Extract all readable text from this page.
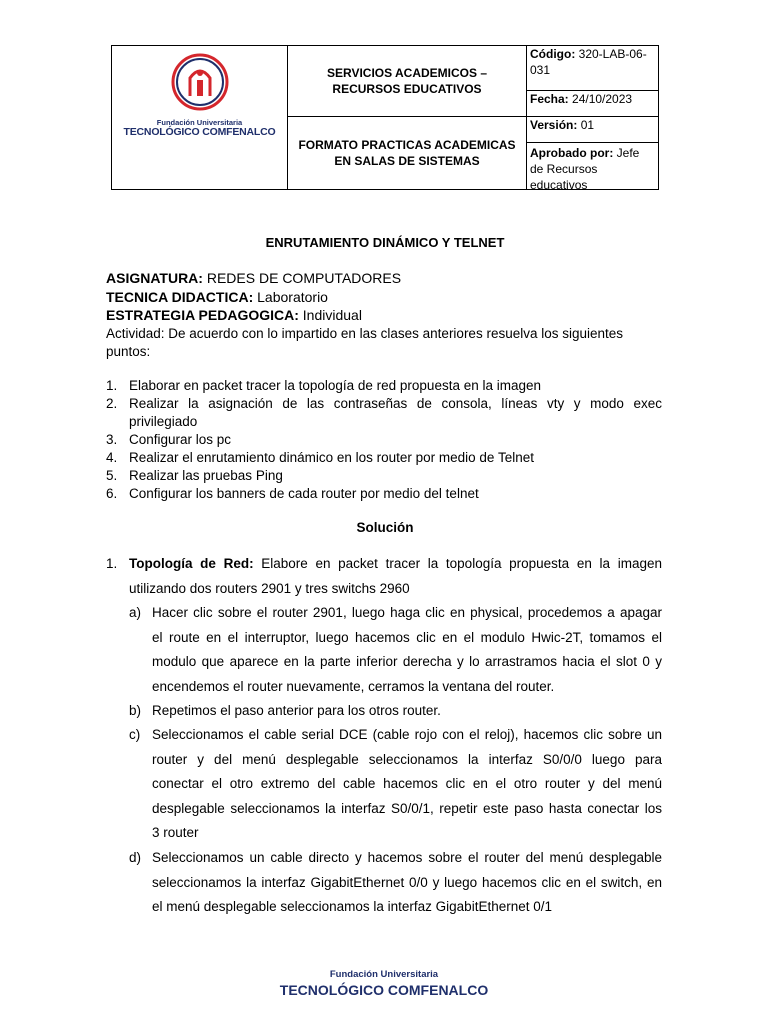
Fundación Universitaria
TECNOLÓGICO COMFENALCO
SERVICIOS ACADEMICOS – RECURSOS EDUCATIVOS
FORMATO PRACTICAS ACADEMICAS EN SALAS DE SISTEMAS
Código: 320-LAB-06-031
Fecha: 24/10/2023
Versión: 01
Aprobado por: Jefe de Recursos educativos
ENRUTAMIENTO DINÁMICO Y TELNET
ASIGNATURA: REDES DE COMPUTADORES
TECNICA DIDACTICA: Laboratorio
ESTRATEGIA PEDAGOGICA: Individual
Actividad: De acuerdo con lo impartido en las clases anteriores resuelva los siguientes
puntos:
1. Elaborar en packet tracer la topología de red propuesta en la imagen
2. Realizar la asignación de las contraseñas de consola, líneas vty y modo exec
privilegiado
3. Configurar los pc
4. Realizar el enrutamiento dinámico en los router por medio de Telnet
5. Realizar las pruebas Ping
6. Configurar los banners de cada router por medio del telnet
Solución
1. Topología de Red: Elabore en packet tracer la topología propuesta en la imagen
utilizando dos routers 2901 y tres switchs 2960
a) Hacer clic sobre el router 2901, luego haga clic en physical, procedemos a apagar
el route en el interruptor, luego hacemos clic en el modulo Hwic-2T, tomamos el
modulo que aparece en la parte inferior derecha y lo arrastramos hacia el slot 0 y
encendemos el router nuevamente, cerramos la ventana del router.
b) Repetimos el paso anterior para los otros router.
c) Seleccionamos el cable serial DCE (cable rojo con el reloj), hacemos clic sobre un
router y del menú desplegable seleccionamos la interfaz S0/0/0 luego para
conectar el otro extremo del cable hacemos clic en el otro router y del menú
desplegable seleccionamos la interfaz S0/0/1, repetir este paso hasta conectar los
3 router
d) Seleccionamos un cable directo y hacemos sobre el router del menú desplegable
seleccionamos la interfaz GigabitEthernet 0/0 y luego hacemos clic en el switch, en
el menú desplegable seleccionamos la interfaz GigabitEthernet 0/1
Fundación Universitaria
TECNOLÓGICO COMFENALCO
